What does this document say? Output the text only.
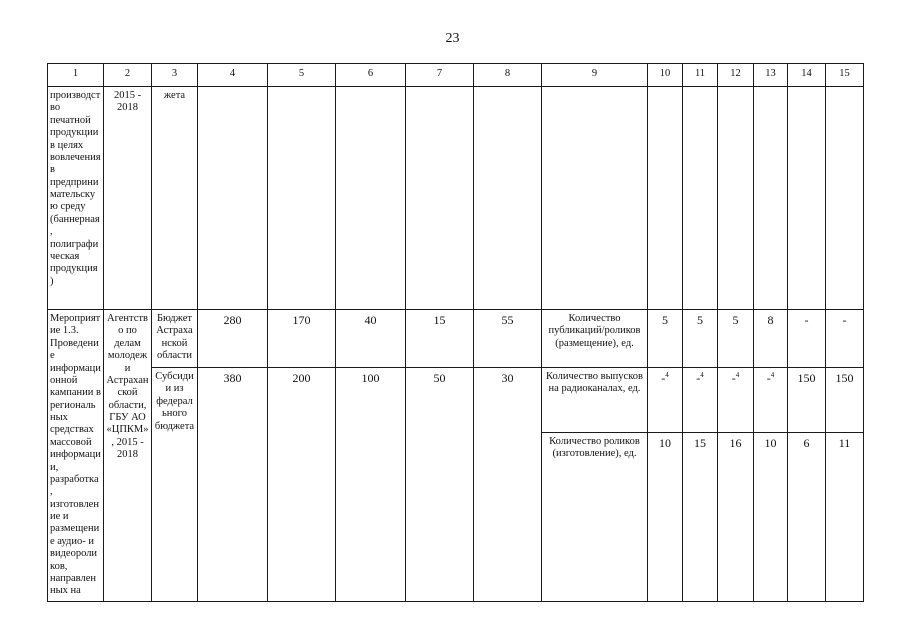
23
1	2	3	4	5	6	7	8	9	10	11	12	13	14	15
производство печатной продукции в целях вовлечения в предпринимательскую среду (баннерная, полиграфическая продукция)	2015 - 2018	жета												
Мероприятие 1.3. Проведение информационной кампании в региональных средствах массовой информации, разработка, изготовление и размещение аудио- и видеороликов, направленных на	Агентство по делам молодежи Астраханской области, ГБУ АО «ЦПКМ», 2015 - 2018	Бюджет Астраханской области	280	170	40	15	55	Количество публикаций/роликов (размещение), ед.	5	5	5	8	-	-
		Субсидии из федерального бюджета	380	200	100	50	30	Количество выпусков на радиоканалах, ед.	-$^4$	-$^4$	-$^4$	-$^4$	150	150
								Количество роликов (изготовление), ед.	10	15	16	10	6	11
